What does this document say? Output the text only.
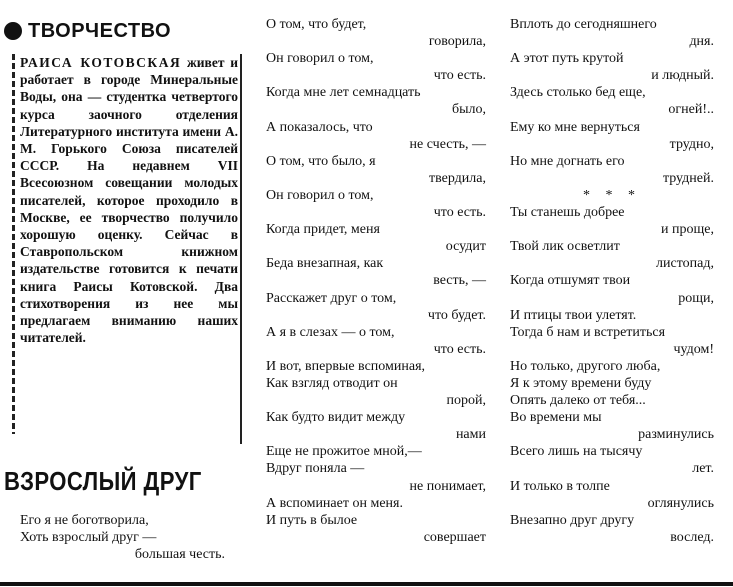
ТВОРЧЕСТВО
РАИСА КОТОВСКАЯ живет и работает в городе Минеральные Воды, она — студентка четвертого курса заочного отделения Литературного института имени А. М. Горького Союза писателей СССР. На недавнем VII Всесоюзном совещании молодых писателей, которое проходило в Москве, ее творчество получило хорошую оценку. Сейчас в Ставропольском книжном издательстве готовится к печати книга Раисы Котовской. Два стихотворения из нее мы предлагаем вниманию наших читателей.
ВЗРОСЛЫЙ ДРУГ
Его я не боготворила,
Хоть взрослый друг —
большая честь.
О том, что будет,
говорила,
Он говорил о том,
что есть.
Когда мне лет семнадцать
было,
А показалось, что
не счесть, —
О том, что было, я
твердила,
Он говорил о том,
что есть.
Когда придет, меня
осудит
Беда внезапная, как
весть, —
Расскажет друг о том,
что будет.
А я в слезах — о том,
что есть.
И вот, впервые вспоминая,
Как взгляд отводит он
порой,
Как будто видит между
нами
Еще не прожитое мной,—
Вдруг поняла —
не понимает,
А вспоминает он меня.
И путь в былое
совершает
Вплоть до сегодняшнего
дня.
А этот путь крутой
и людный.
Здесь столько бед еще,
огней!..
Ему ко мне вернуться
трудно,
Но мне догнать его
трудней.
* * *
Ты станешь добрее
и проще,
Твой лик осветлит
листопад,
Когда отшумят твои
рощи,
И птицы твои улетят.
Тогда б нам и встретиться
чудом!
Но только, другого люба,
Я к этому времени буду
Опять далеко от тебя...
Во времени мы
разминулись
Всего лишь на тысячу
лет.
И только в толпе
оглянулись
Внезапно друг другу
вослед.
